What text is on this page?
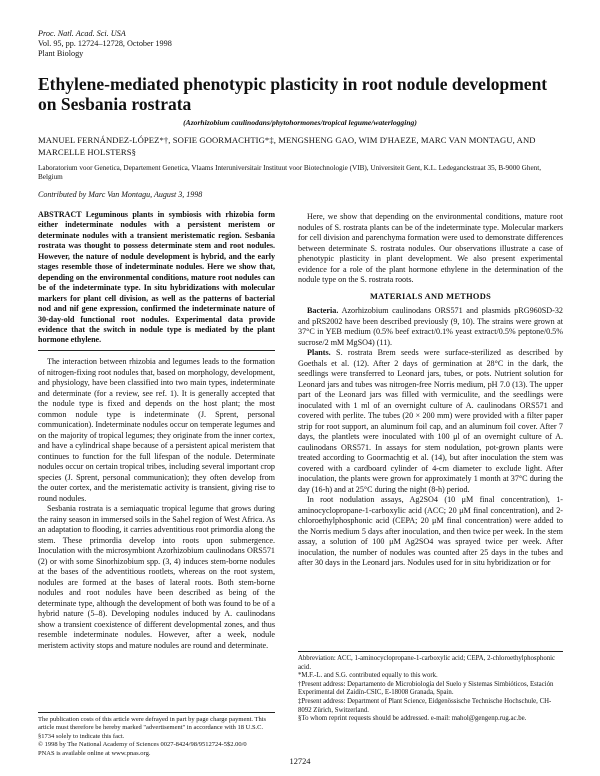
Proc. Natl. Acad. Sci. USA
Vol. 95, pp. 12724–12728, October 1998
Plant Biology
Ethylene-mediated phenotypic plasticity in root nodule development on Sesbania rostrata
(Azorhizobium caulinodans/phytohormones/tropical legume/waterlogging)
MANUEL FERNÁNDEZ-LÓPEZ*†, SOFIE GOORMACHTIG*‡, MENGSHENG GAO, WIM D'HAEZE, MARC VAN MONTAGU, AND MARCELLE HOLSTERS§
Laboratorium voor Genetica, Departement Genetica, Vlaams Interuniversitair Instituut voor Biotechnologie (VIB), Universiteit Gent, K.L. Ledeganckstraat 35, B-9000 Ghent, Belgium
Contributed by Marc Van Montagu, August 3, 1998
ABSTRACT Leguminous plants in symbiosis with rhizobia form either indeterminate nodules with a persistent meristem or determinate nodules with a transient meristematic region. Sesbania rostrata was thought to possess determinate stem and root nodules. However, the nature of nodule development is hybrid, and the early stages resemble those of indeterminate nodules. Here we show that, depending on the environmental conditions, mature root nodules can be of the indeterminate type. In situ hybridizations with molecular markers for plant cell division, as well as the patterns of bacterial nod and nif gene expression, confirmed the indeterminate nature of 30-day-old functional root nodules. Experimental data provide evidence that the switch in nodule type is mediated by the plant hormone ethylene.

The interaction between rhizobia and legumes leads to the formation of nitrogen-fixing root nodules that, based on morphology, development, and physiology, have been classified into two main types, indeterminate and determinate (for a review, see ref. 1). It is generally accepted that the nodule type is fixed and depends on the host plant; the most common nodule type is indeterminate (J. Sprent, personal communication). Indeterminate nodules occur on temperate legumes and on the majority of tropical legumes; they originate from the inner cortex, and have a cylindrical shape because of a persistent apical meristem that continues to function for the full lifespan of the nodule. Determinate nodules occur on certain tropical tribes, including several important crop species (J. Sprent, personal communication); they often develop from the outer cortex, and the meristematic activity is transient, giving rise to round nodules.

Sesbania rostrata is a semiaquatic tropical legume that grows during the rainy season in immersed soils in the Sahel region of West Africa. As an adaptation to flooding, it carries adventitious root primordia along the stem. These primordia develop into roots upon submergence. Inoculation with the microsymbiont Azorhizobium caulinodans ORS571 (2) or with some Sinorhizobium spp. (3, 4) induces stem-borne nodules at the bases of the adventitious rootlets, whereas on the root system, nodules are formed at the bases of lateral roots. Both stem-borne nodules and root nodules have been described as being of the determinate type, although the development of both was found to be of a hybrid nature (5–8). Developing nodules induced by A. caulinodans show a transient coexistence of different developmental zones, and thus resemble indeterminate nodules. However, after a week, nodule meristem activity stops and mature nodules are round and determinate.

The publication costs of this article were defrayed in part by page charge payment. This article must therefore be hereby marked "advertisement" in accordance with 18 U.S.C. §1734 solely to indicate this fact.
© 1998 by The National Academy of Sciences 0027-8424/98/9512724-5$2.00/0
PNAS is available online at www.pnas.org.

Here, we show that depending on the environmental conditions, mature root nodules of S. rostrata plants can be of the indeterminate type. Molecular markers for cell division and parenchyma formation were used to demonstrate differences between determinate S. rostrata nodules. Our observations illustrate a case of phenotypic plasticity in plant development. We also present experimental evidence for a role of the plant hormone ethylene in the determination of the nodule type on the S. rostrata roots.

MATERIALS AND METHODS

Bacteria. Azorhizobium caulinodans ORS571 and plasmids pRG960SD-32 and pRS2002 have been described previously (9, 10). The strains were grown at 37°C in YEB medium (0.5% beef extract/0.1% yeast extract/0.5% peptone/0.5% sucrose/2 mM MgSO4) (11).

Plants. S. rostrata Brem seeds were surface-sterilized as described by Goethals et al. (12). After 2 days of germination at 28°C in the dark, the seedlings were transferred to Leonard jars, tubes, or pots. Nutrient solution for Leonard jars and tubes was nitrogen-free Norris medium, pH 7.0 (13). The upper part of the Leonard jars was filled with vermiculite, and the seedlings were inoculated with 1 ml of an overnight culture of A. caulinodans ORS571 and covered with perlite. The tubes (20 × 200 mm) were provided with a filter paper strip for root support, an aluminum foil cap, and an aluminum foil cover. After 7 days, the plantlets were inoculated with 100 μl of an overnight culture of A. caulinodans ORS571. In assays for stem nodulation, pot-grown plants were treated according to Goormachtig et al. (14), but after inoculation the stem was covered with a cardboard cylinder of 4-cm diameter to exclude light. After inoculation, the plants were grown for approximately 1 month at 37°C during the day (16-h) and at 25°C during the night (8-h) period.

In root nodulation assays, Ag2SO4 (10 μM final concentration), 1-aminocyclopropane-1-carboxylic acid (ACC; 20 μM final concentration), and 2-chloroethylphosphonic acid (CEPA; 20 μM final concentration) were added to the Norris medium 5 days after inoculation, and then twice per week. In the stem assay, a solution of 100 μM Ag2SO4 was sprayed twice per week. After inoculation, the number of nodules was counted after 25 days in the tubes and after 30 days in the Leonard jars. Nodules used for in situ hybridization or for

Abbreviation: ACC, 1-aminocyclopropane-1-carboxylic acid; CEPA, 2-chloroethylphosphonic acid.
*M.F.-L. and S.G. contributed equally to this work.
†Present address: Departamento de Microbiología del Suelo y Sistemas Simbióticos, Estación Experimental del Zaidín-CSIC, E-18008 Granada, Spain.
‡Present address: Department of Plant Science, Eidgenössische Technische Hochschule, CH-8092 Zürich, Switzerland.
§To whom reprint requests should be addressed. e-mail: mahol@gengenp.rug.ac.be.
12724
